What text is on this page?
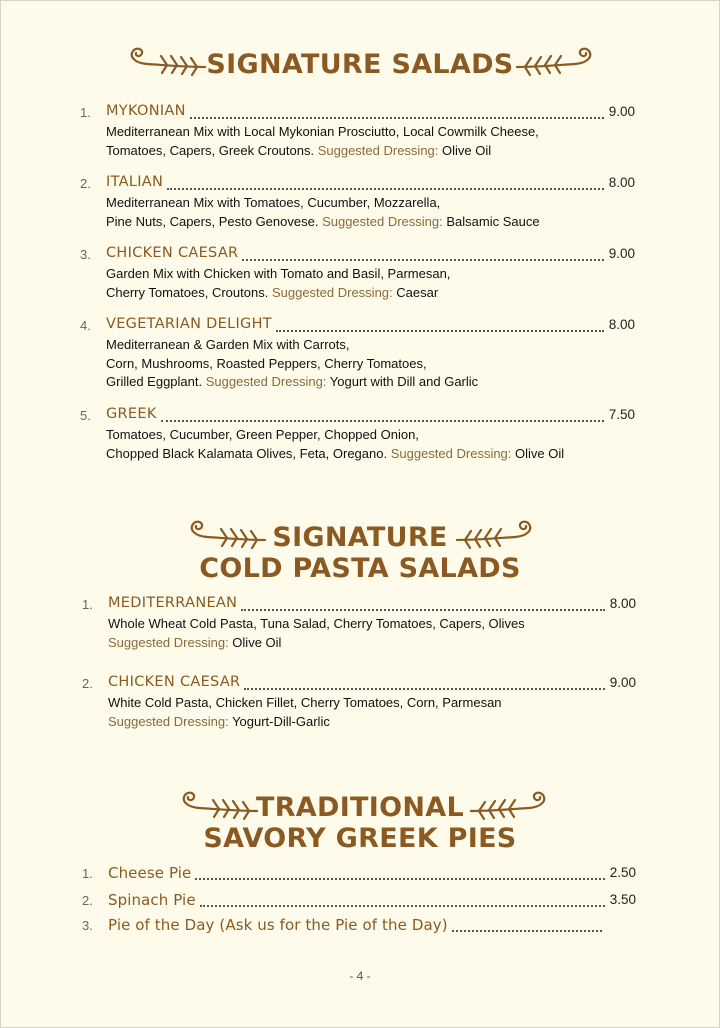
SIGNATURE SALADS
1. MYKONIAN	9.00
Mediterranean Mix with Local Mykonian Prosciutto, Local Cowmilk Cheese,
Tomatoes, Capers, Greek Croutons. Suggested Dressing: Olive Oil
2. ITALIAN	8.00
Mediterranean Mix with Tomatoes, Cucumber, Mozzarella,
Pine Nuts, Capers, Pesto Genovese. Suggested Dressing: Balsamic Sauce
3. CHICKEN CAESAR	9.00
Garden Mix with Chicken with Tomato and Basil, Parmesan,
Cherry Tomatoes, Croutons. Suggested Dressing: Caesar
4. VEGETARIAN DELIGHT	8.00
Mediterranean & Garden Mix with Carrots,
Corn, Mushrooms, Roasted Peppers, Cherry Tomatoes,
Grilled Eggplant. Suggested Dressing: Yogurt with Dill and Garlic
5. GREEK	7.50
Tomatoes, Cucumber, Green Pepper, Chopped Onion,
Chopped Black Kalamata Olives, Feta, Oregano. Suggested Dressing: Olive Oil
SIGNATURE
COLD PASTA SALADS
1. MEDITERRANEAN	8.00
Whole Wheat Cold Pasta, Tuna Salad, Cherry Tomatoes, Capers, Olives
Suggested Dressing: Olive Oil
2. CHICKEN CAESAR	9.00
White Cold Pasta, Chicken Fillet, Cherry Tomatoes, Corn, Parmesan
Suggested Dressing: Yogurt-Dill-Garlic
TRADITIONAL
SAVORY GREEK PIES
1. Cheese Pie	2.50
2. Spinach Pie	3.50
3. Pie of the Day (Ask us for the Pie of the Day)
- 4 -
